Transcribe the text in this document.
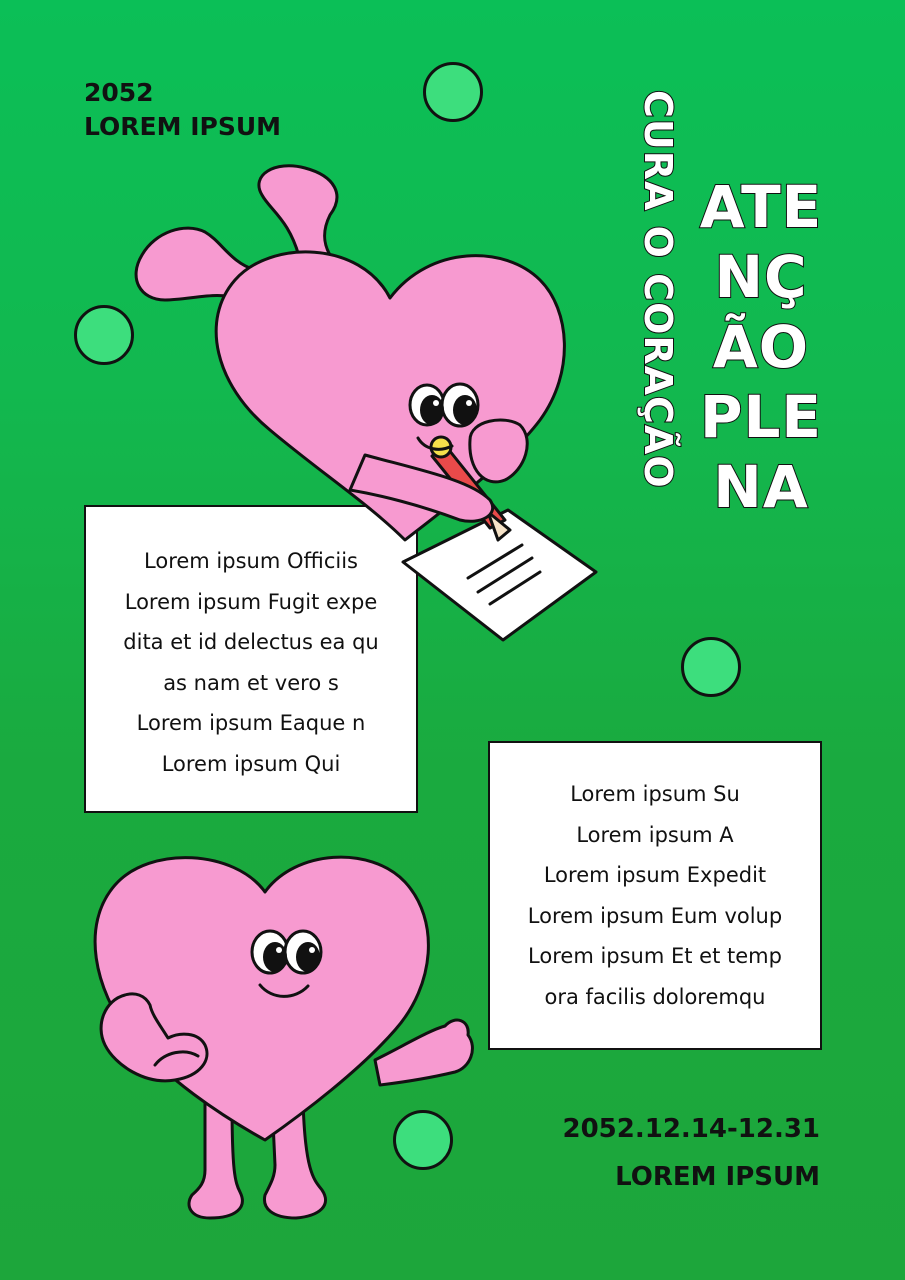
2052

LOREM IPSUM	CURA O CORAÇÃO ATE
NÇ
ÃO
PLE
NA
Lorem ipsum Officiis
Lorem ipsum Fugit expe
dita et id delectus ea qu
as nam et vero s
Lorem ipsum Eaque n
Lorem ipsum Qui
Lorem ipsum Su
Lorem ipsum A
Lorem ipsum Expedit
Lorem ipsum Eum volup
Lorem ipsum Et et temp
ora facilis doloremqu

2052.12.14-12.31

LOREM IPSUM
